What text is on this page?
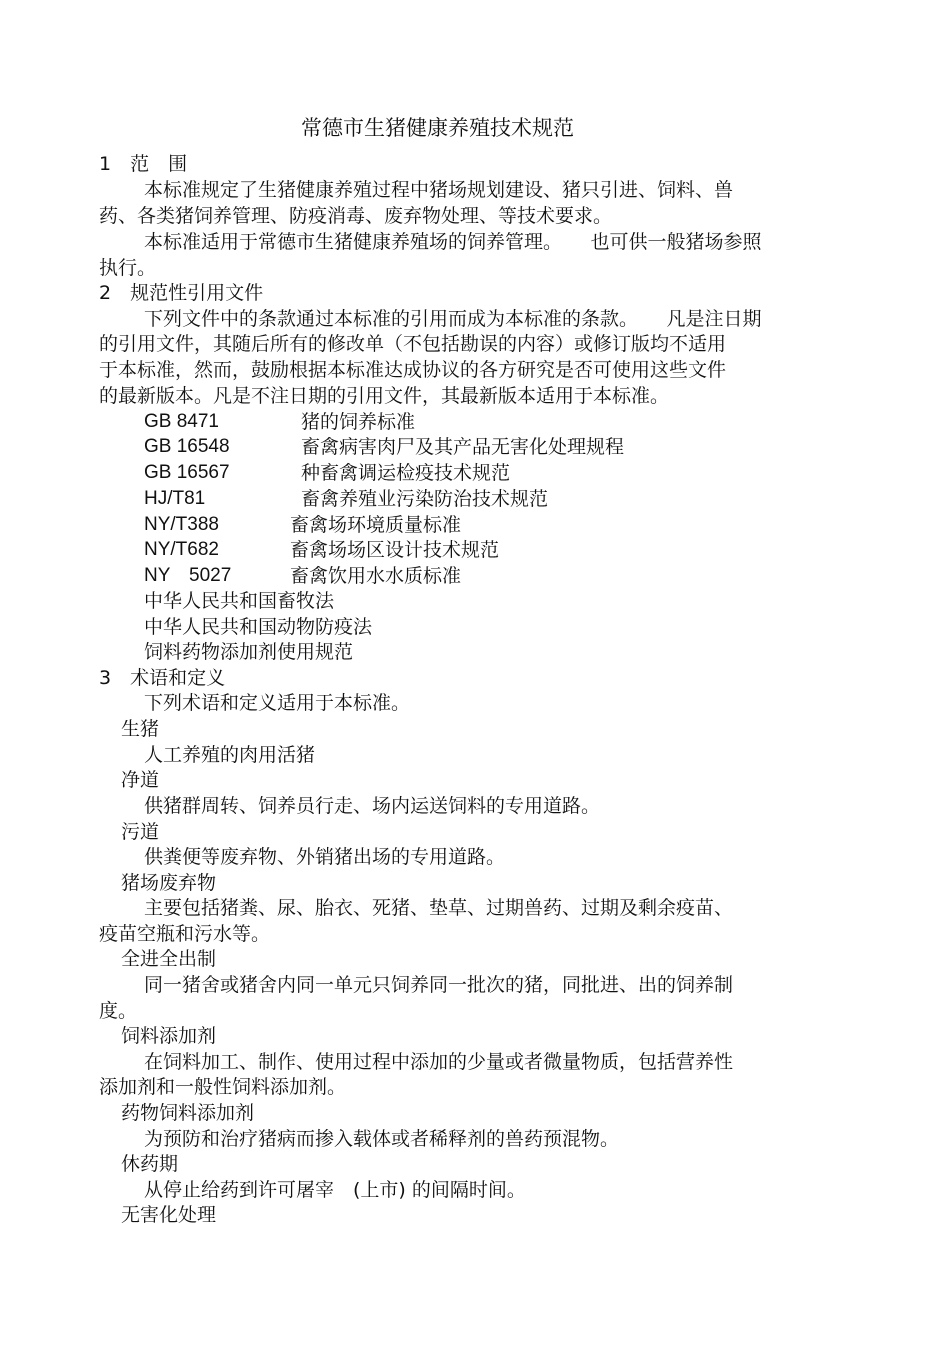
常德市生猪健康养殖技术规范

1　范　围

本标准规定了生猪健康养殖过程中猪场规划建设、猪只引进、饲料、兽

药、各类猪饲养管理、防疫消毒、废弃物处理、等技术要求。

本标准适用于常德市生猪健康养殖场的饲养管理。　　也可供一般猪场参照

执行。

2　规范性引用文件

下列文件中的条款通过本标准的引用而成为本标准的条款。　　凡是注日期

的引用文件，其随后所有的修改单（不包括勘误的内容）或修订版均不适用

于本标准，然而，鼓励根据本标准达成协议的各方研究是否可使用这些文件

的最新版本。凡是不注日期的引用文件，其最新版本适用于本标准。

GB 8471	猪的饲养标准

GB 16548	畜禽病害肉尸及其产品无害化处理规程

GB 16567	种畜禽调运检疫技术规范

HJ/T81	畜禽养殖业污染防治技术规范

NY/T388	畜禽场环境质量标准

NY/T682	畜禽场场区设计技术规范

NY　5027	畜禽饮用水水质标准

中华人民共和国畜牧法

中华人民共和国动物防疫法

饲料药物添加剂使用规范

3　术语和定义

下列术语和定义适用于本标准。

生猪

人工养殖的肉用活猪

净道

供猪群周转、饲养员行走、场内运送饲料的专用道路。

污道

供粪便等废弃物、外销猪出场的专用道路。

猪场废弃物

主要包括猪粪、尿、胎衣、死猪、垫草、过期兽药、过期及剩余疫苗、

疫苗空瓶和污水等。

全进全出制

同一猪舍或猪舍内同一单元只饲养同一批次的猪，同批进、出的饲养制

度。

饲料添加剂

在饲料加工、制作、使用过程中添加的少量或者微量物质，包括营养性

添加剂和一般性饲料添加剂。

药物饲料添加剂

为预防和治疗猪病而掺入载体或者稀释剂的兽药预混物。

休药期

从停止给药到许可屠宰　(上市) 的间隔时间。

无害化处理
